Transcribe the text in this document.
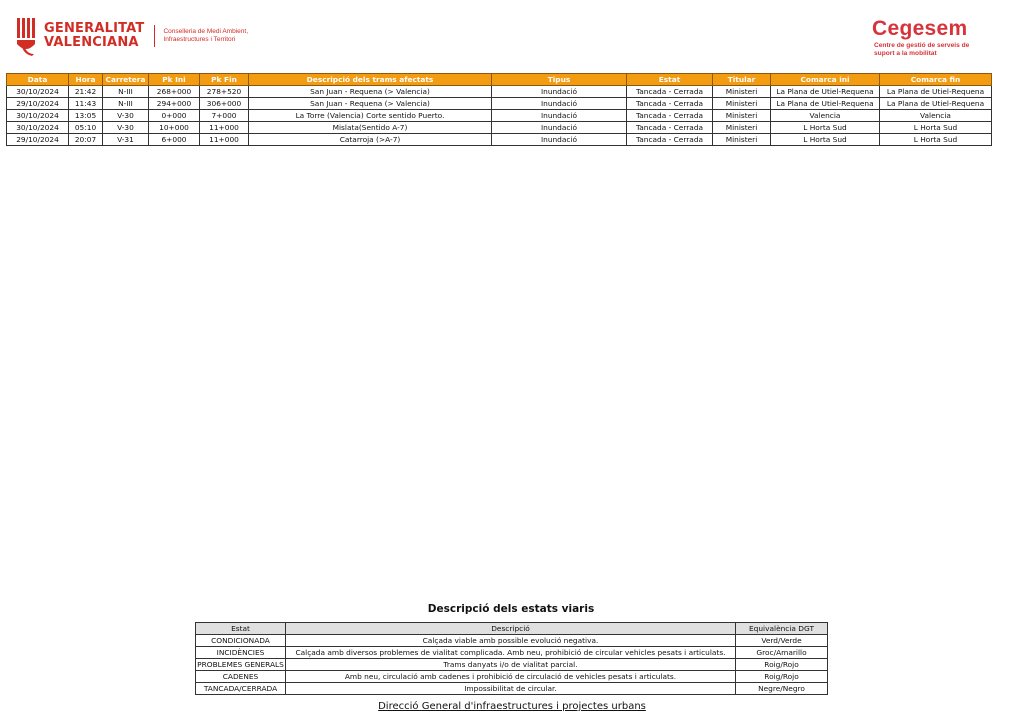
GENERALITAT
VALENCIANA
Conselleria de Medi Ambient,
Infraestructures i Territori	Cegesem
Centre de gestió de serveis de
suport a la mobilitat
Data	Hora	Carretera	Pk Ini	Pk Fin	Descripció dels trams afectats	Tipus	Estat	Titular	Comarca ini	Comarca fin
30/10/2024	21:42	N-III	268+000	278+520	San Juan - Requena (> Valencia)	Inundació	Tancada - Cerrada	Ministeri	La Plana de Utiel-Requena	La Plana de Utiel-Requena
29/10/2024	11:43	N-III	294+000	306+000	San Juan - Requena (> Valencia)	Inundació	Tancada - Cerrada	Ministeri	La Plana de Utiel-Requena	La Plana de Utiel-Requena
30/10/2024	13:05	V-30	0+000	7+000	La Torre (Valencia) Corte sentido Puerto.	Inundació	Tancada - Cerrada	Ministeri	Valencia	Valencia
30/10/2024	05:10	V-30	10+000	11+000	Mislata(Sentido A-7)	Inundació	Tancada - Cerrada	Ministeri	L Horta Sud	L Horta Sud
29/10/2024	20:07	V-31	6+000	11+000	Catarroja (>A-7)	Inundació	Tancada - Cerrada	Ministeri	L Horta Sud	L Horta Sud
Descripció dels estats viaris
Estat	Descripció	Equivalència DGT
CONDICIONADA	Calçada viable amb possible evolució negativa.	Verd/Verde
INCIDÈNCIES	Calçada amb diversos problemes de vialitat complicada. Amb neu, prohibició de circular vehicles pesats i articulats.	Groc/Amarillo
PROBLEMES GENERALS	Trams danyats i/o de vialitat parcial.	Roig/Rojo
CADENES	Amb neu, circulació amb cadenes i prohibició de circulació de vehicles pesats i articulats.	Roig/Rojo
TANCADA/CERRADA	Impossibilitat de circular.	Negre/Negro
Direcció General d'infraestructures i projectes urbans
